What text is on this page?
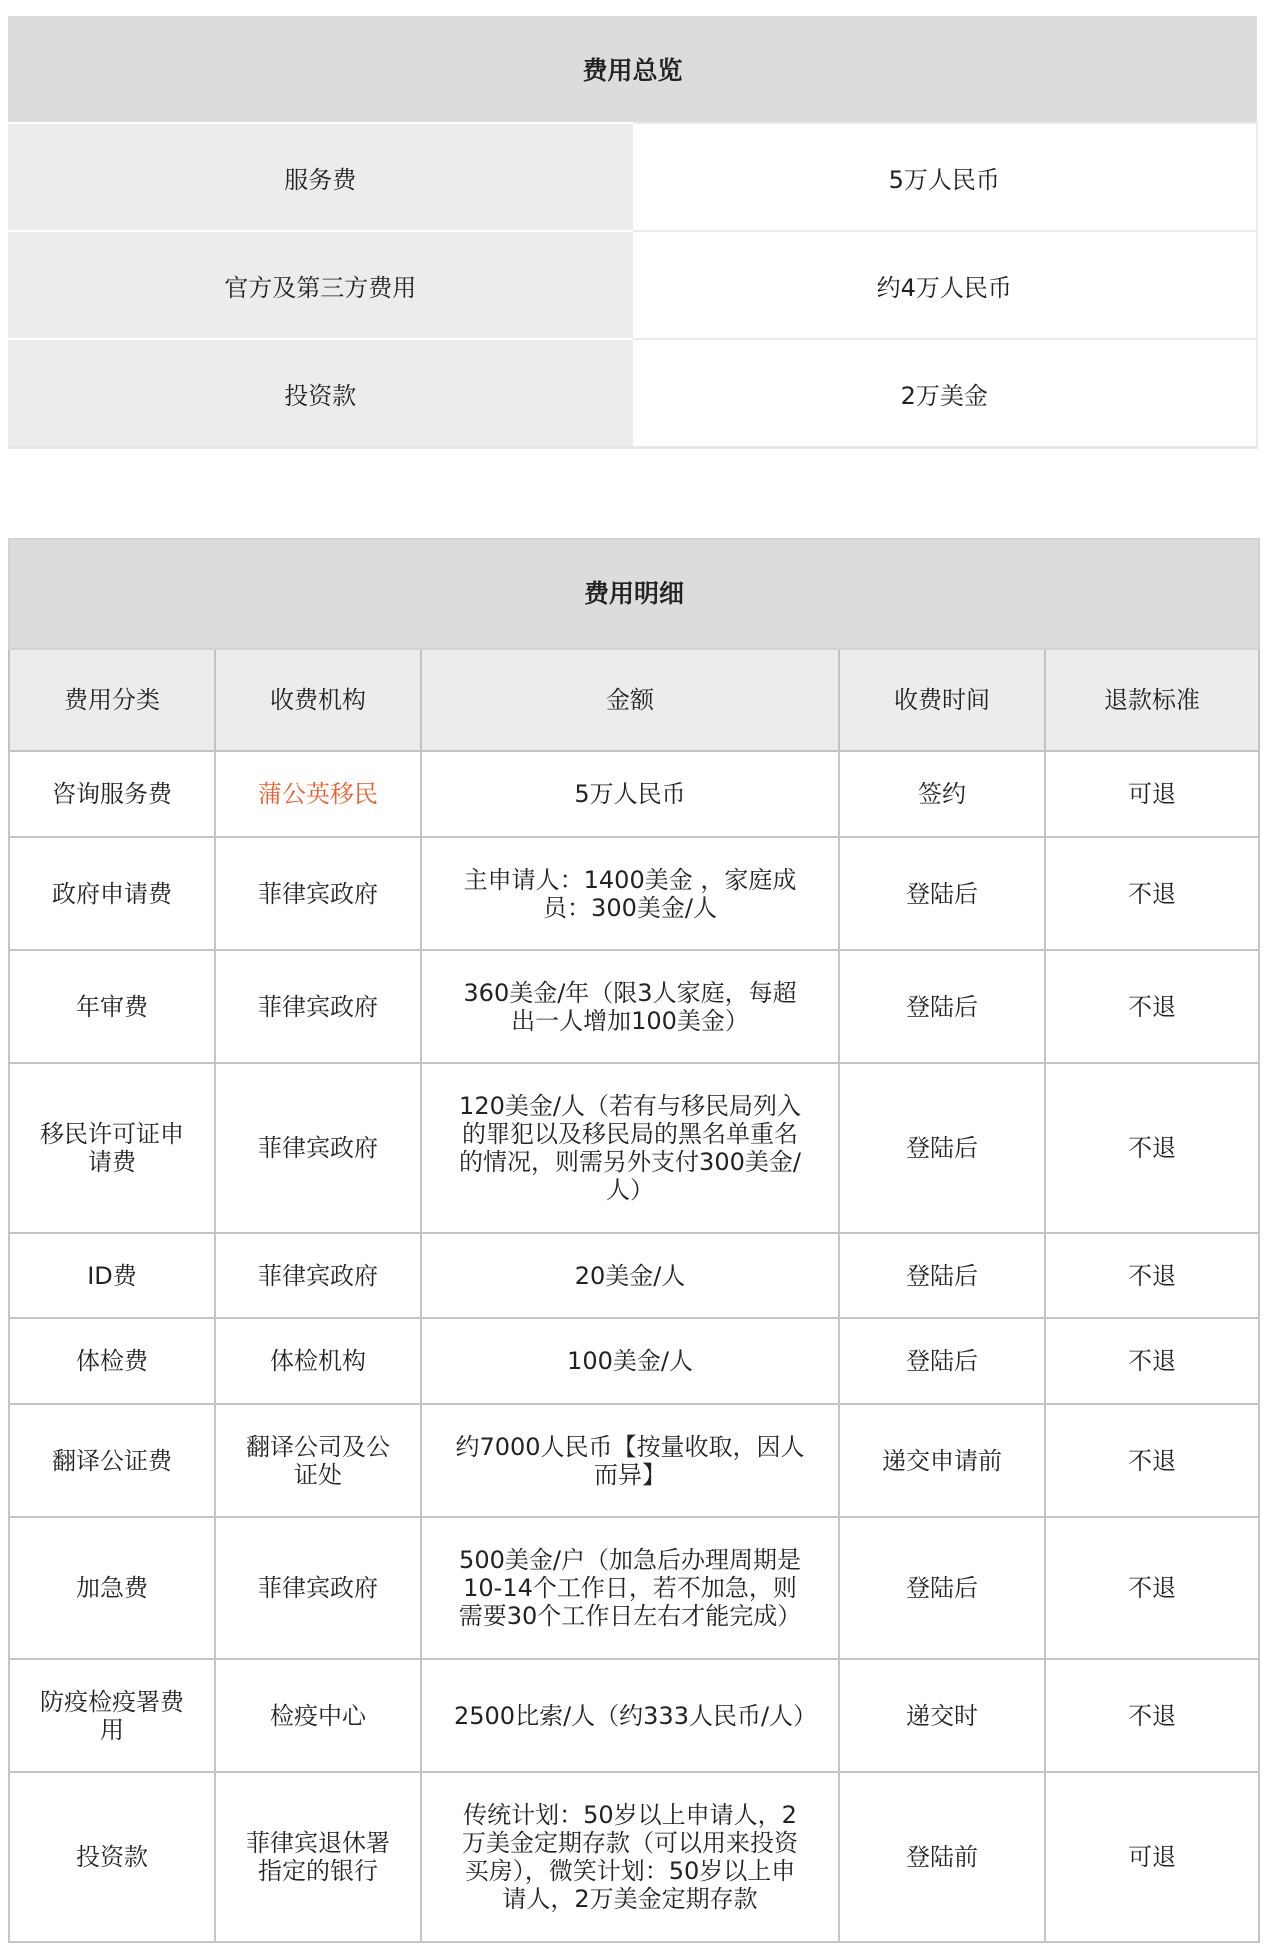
费用总览	
服务费	5万人民币
官方及第三方费用	约4万人民币
投资款	2万美金
费用明细				
费用分类	收费机构	金额	收费时间	退款标准
咨询服务费	蒲公英移民	5万人民币	签约	可退
政府申请费	菲律宾政府	主申请人：1400美金 ，家庭成员：300美金/人	登陆后	不退
年审费	菲律宾政府	360美金/年（限3人家庭，每超出一人增加100美金）	登陆后	不退
移民许可证申请费	菲律宾政府	120美金/人（若有与移民局列入的罪犯以及移民局的黑名单重名的情况，则需另外支付300美金/人）	登陆后	不退
ID费	菲律宾政府	20美金/人	登陆后	不退
体检费	体检机构	100美金/人	登陆后	不退
翻译公证费	翻译公司及公证处	约7000人民币【按量收取，因人而异】	递交申请前	不退
加急费	菲律宾政府	500美金/户（加急后办理周期是10-14个工作日，若不加急，则需要30个工作日左右才能完成）	登陆后	不退
防疫检疫署费用	检疫中心	2500比索/人（约333人民币/人）	递交时	不退
投资款	菲律宾退休署指定的银行	传统计划：50岁以上申请人，2万美金定期存款（可以用来投资买房），微笑计划：50岁以上申请人，2万美金定期存款	登陆前	可退
